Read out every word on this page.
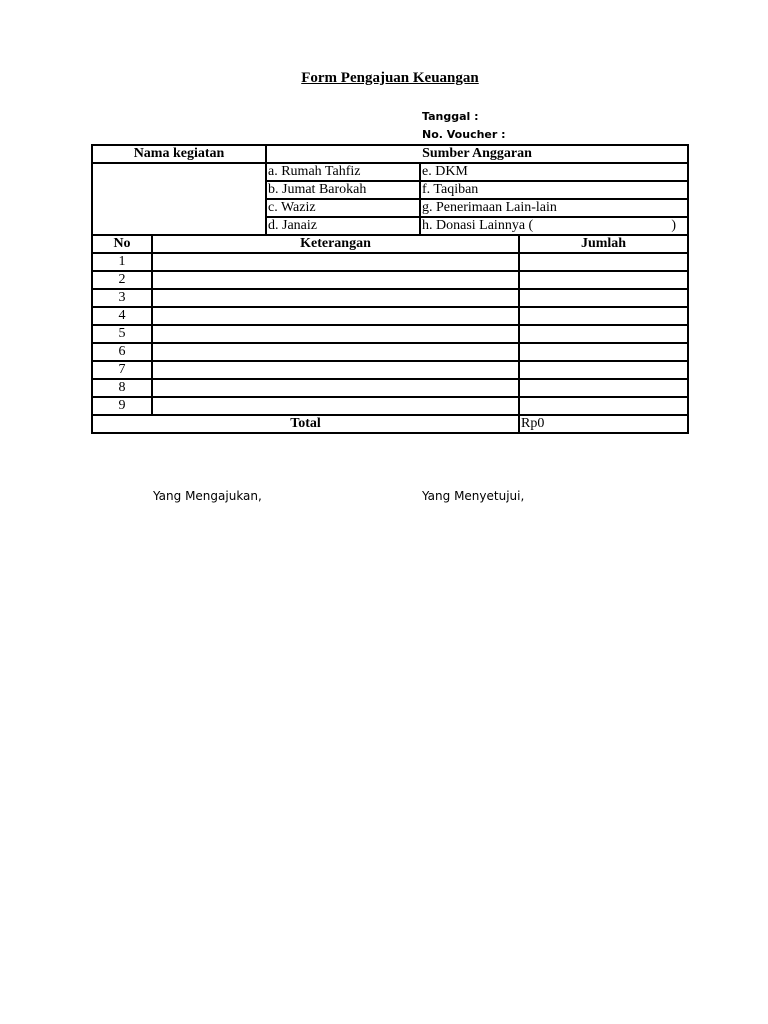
Form Pengajuan Keuangan
Tanggal :
No. Voucher :
Nama kegiatan		Sumber Anggaran		
		a. Rumah Tahfiz	e. DKM	
		b. Jumat Barokah	f. Taqiban	
		c. Waziz	g. Penerimaan Lain-lain	
		d. Janaiz	h. Donasi Lainnya ( )	

No	Keterangan			Jumlah
1				
2				
3				
4				
5				
6				
7				
8				
9				
Total				Rp0
Yang Mengajukan,	Yang Menyetujui,
